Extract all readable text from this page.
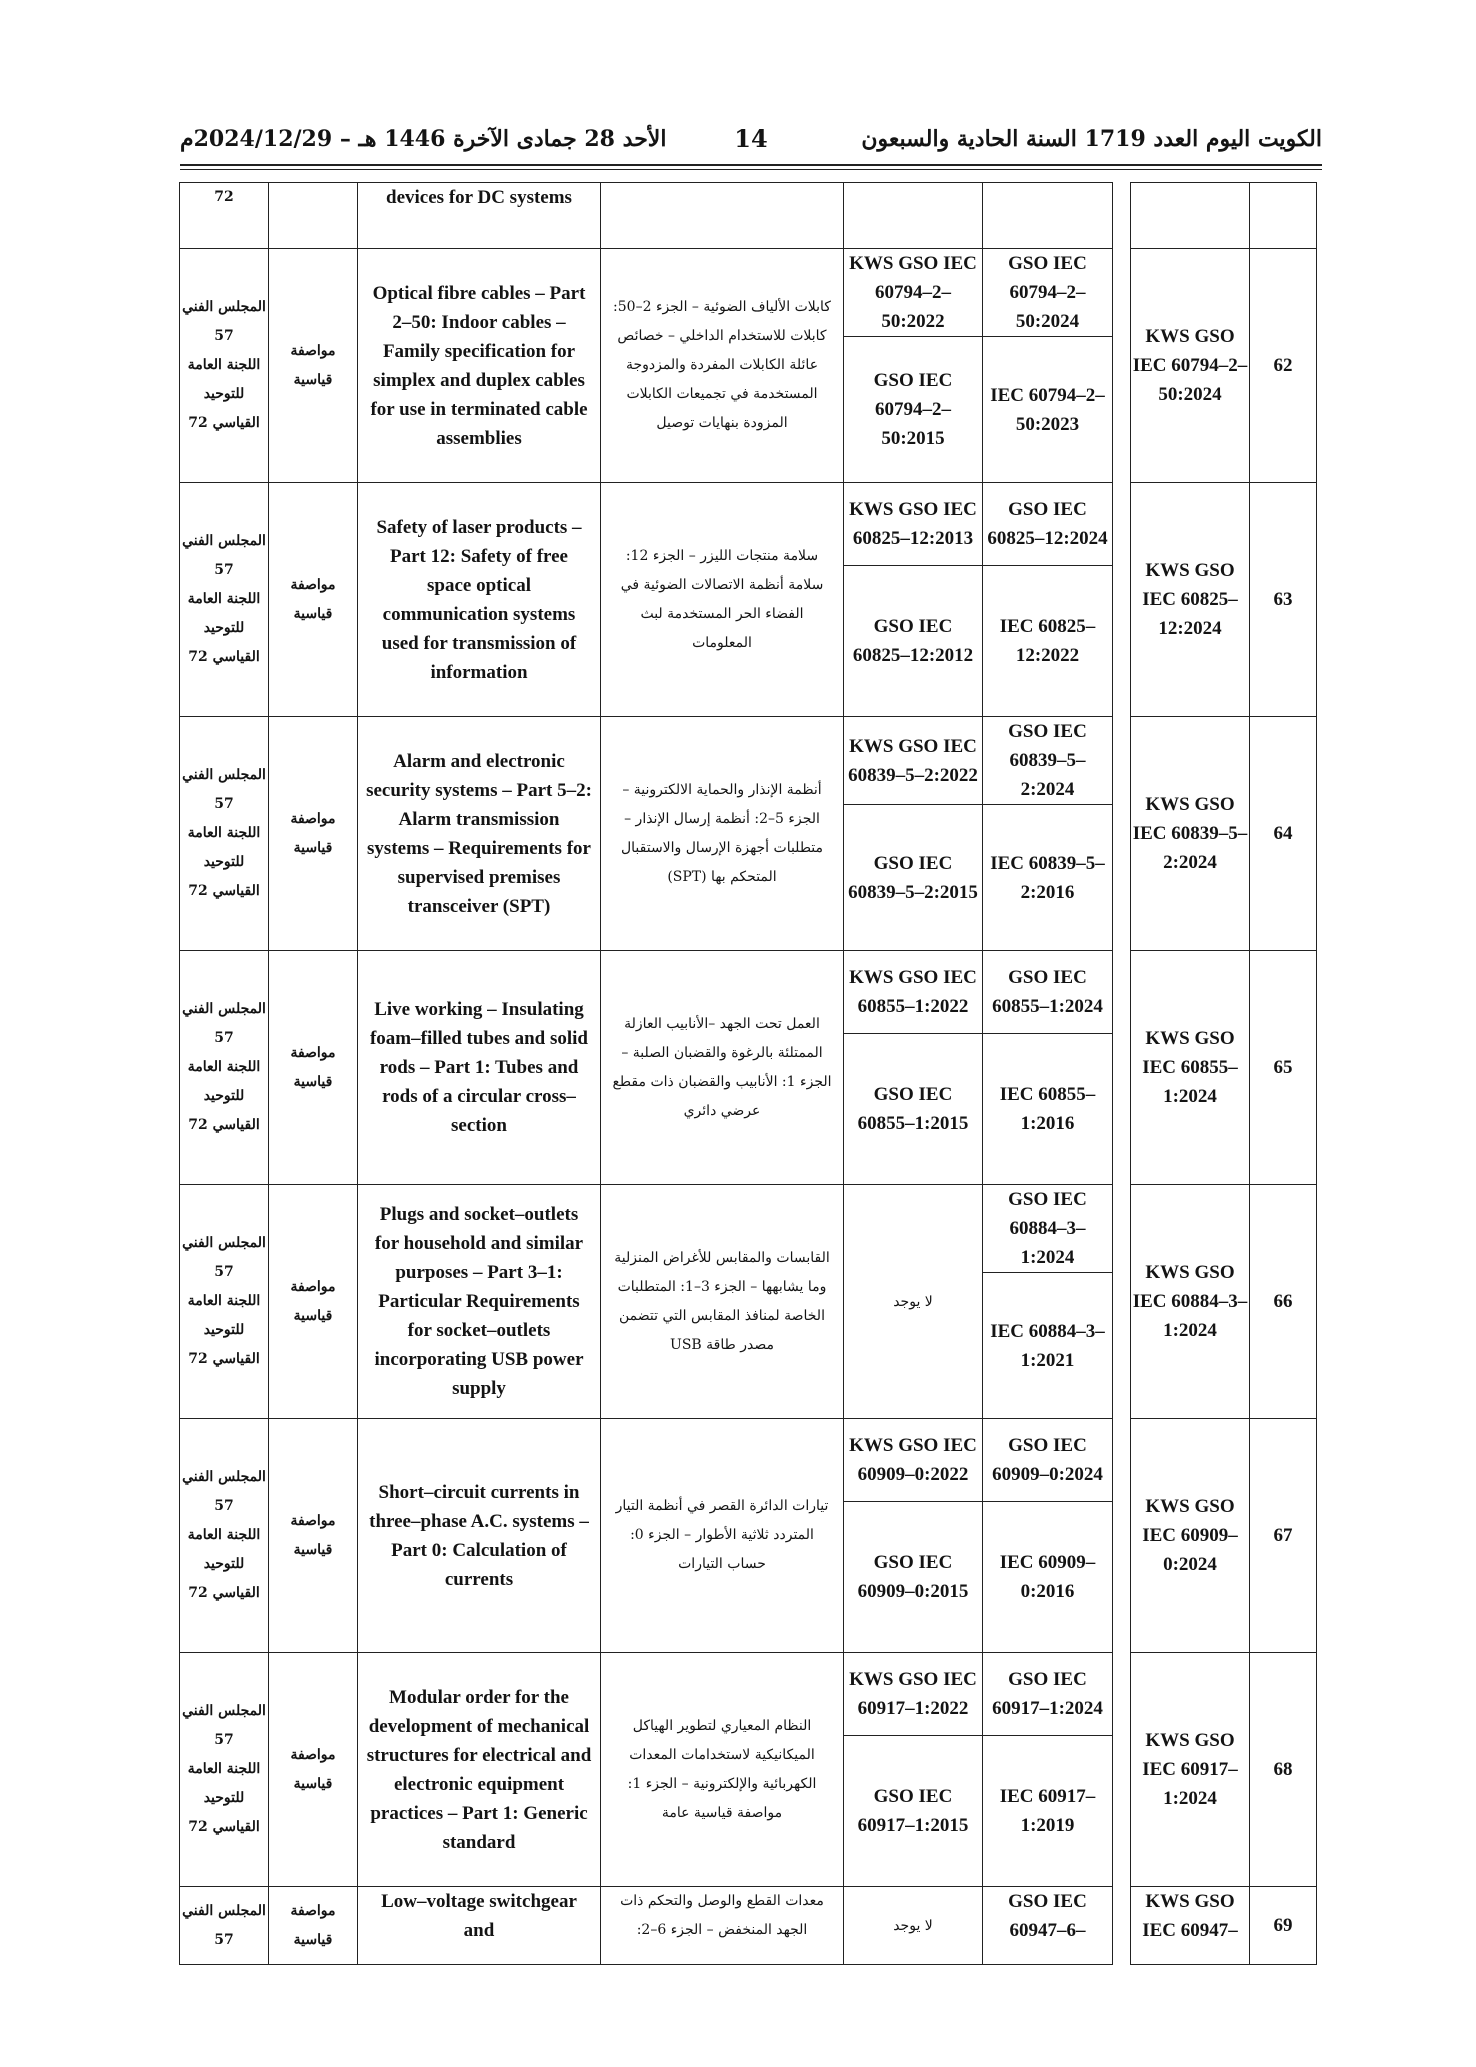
الكويت اليوم العدد 1719 السنة الحادية والسبعون
14
الأحد 28 جمادى الآخرة 1446 هـ – 2024/12/29م
72		devices for DC systems						

المجلس الفني 57
اللجنة العامة للتوحيد القياسي 72	مواصفة قياسية	Optical fibre cables – Part 2–50: Indoor cables – Family specification for simplex and duplex cables for use in terminated cable assemblies	كابلات الألياف الضوئية – الجزء 2–50: كابلات للاستخدام الداخلي – خصائص عائلة الكابلات المفردة والمزدوجة المستخدمة في تجميعات الكابلات المزودة بنهايات توصيل	KWS GSO IEC 60794–2–50:2022	GSO IEC 60794–2–50:2024		KWS GSO IEC 60794–2–50:2024	62
				GSO IEC 60794–2–50:2015	IEC 60794–2–50:2023			

المجلس الفني 57
اللجنة العامة للتوحيد القياسي 72	مواصفة قياسية	Safety of laser products – Part 12: Safety of free space optical communication systems used for transmission of information	سلامة منتجات الليزر – الجزء 12: سلامة أنظمة الاتصالات الضوئية في الفضاء الحر المستخدمة لبث المعلومات	KWS GSO IEC 60825–12:2013	GSO IEC 60825–12:2024		KWS GSO IEC 60825–12:2024	63
				GSO IEC 60825–12:2012	IEC 60825–12:2022			

المجلس الفني 57
اللجنة العامة للتوحيد القياسي 72	مواصفة قياسية	Alarm and electronic security systems – Part 5–2: Alarm transmission systems – Requirements for supervised premises transceiver (SPT)	أنظمة الإنذار والحماية الالكترونية – الجزء 5–2: أنظمة إرسال الإنذار – متطلبات أجهزة الإرسال والاستقبال المتحكم بها (SPT)	KWS GSO IEC 60839–5–2:2022	GSO IEC 60839–5–2:2024		KWS GSO IEC 60839–5–2:2024	64
				GSO IEC 60839–5–2:2015	IEC 60839–5–2:2016			

المجلس الفني 57
اللجنة العامة للتوحيد القياسي 72	مواصفة قياسية	Live working – Insulating foam–filled tubes and solid rods – Part 1: Tubes and rods of a circular cross–section	العمل تحت الجهد –الأنابيب العازلة الممتلئة بالرغوة والقضبان الصلبة – الجزء 1: الأنابيب والقضبان ذات مقطع عرضي دائري	KWS GSO IEC 60855–1:2022	GSO IEC 60855–1:2024		KWS GSO IEC 60855–1:2024	65
				GSO IEC 60855–1:2015	IEC 60855–1:2016			

المجلس الفني 57
اللجنة العامة للتوحيد القياسي 72	مواصفة قياسية	Plugs and socket–outlets for household and similar purposes – Part 3–1: Particular Requirements for socket–outlets incorporating USB power supply	القابسات والمقابس للأغراض المنزلية وما يشابهها – الجزء 3–1: المتطلبات الخاصة لمنافذ المقابس التي تتضمن مصدر طاقة USB	لا يوجد	GSO IEC 60884–3–1:2024		KWS GSO IEC 60884–3–1:2024	66
					IEC 60884–3–1:2021			

المجلس الفني 57
اللجنة العامة للتوحيد القياسي 72	مواصفة قياسية	Short–circuit currents in three–phase A.C. systems – Part 0: Calculation of currents	تيارات الدائرة القصر في أنظمة التيار المتردد ثلاثية الأطوار – الجزء 0: حساب التيارات	KWS GSO IEC 60909–0:2022	GSO IEC 60909–0:2024		KWS GSO IEC 60909–0:2024	67
				GSO IEC 60909–0:2015	IEC 60909–0:2016			

المجلس الفني 57
اللجنة العامة للتوحيد القياسي 72	مواصفة قياسية	Modular order for the development of mechanical structures for electrical and electronic equipment practices – Part 1: Generic standard	النظام المعياري لتطوير الهياكل الميكانيكية لاستخدامات المعدات الكهربائية والإلكترونية – الجزء 1: مواصفة قياسية عامة	KWS GSO IEC 60917–1:2022	GSO IEC 60917–1:2024		KWS GSO IEC 60917–1:2024	68
				GSO IEC 60917–1:2015	IEC 60917–1:2019			

المجلس الفني 57	مواصفة قياسية	Low–voltage switchgear and	معدات القطع والوصل والتحكم ذات الجهد المنخفض – الجزء 6–2:	لا يوجد	GSO IEC 60947–6–		KWS GSO IEC 60947–	69
